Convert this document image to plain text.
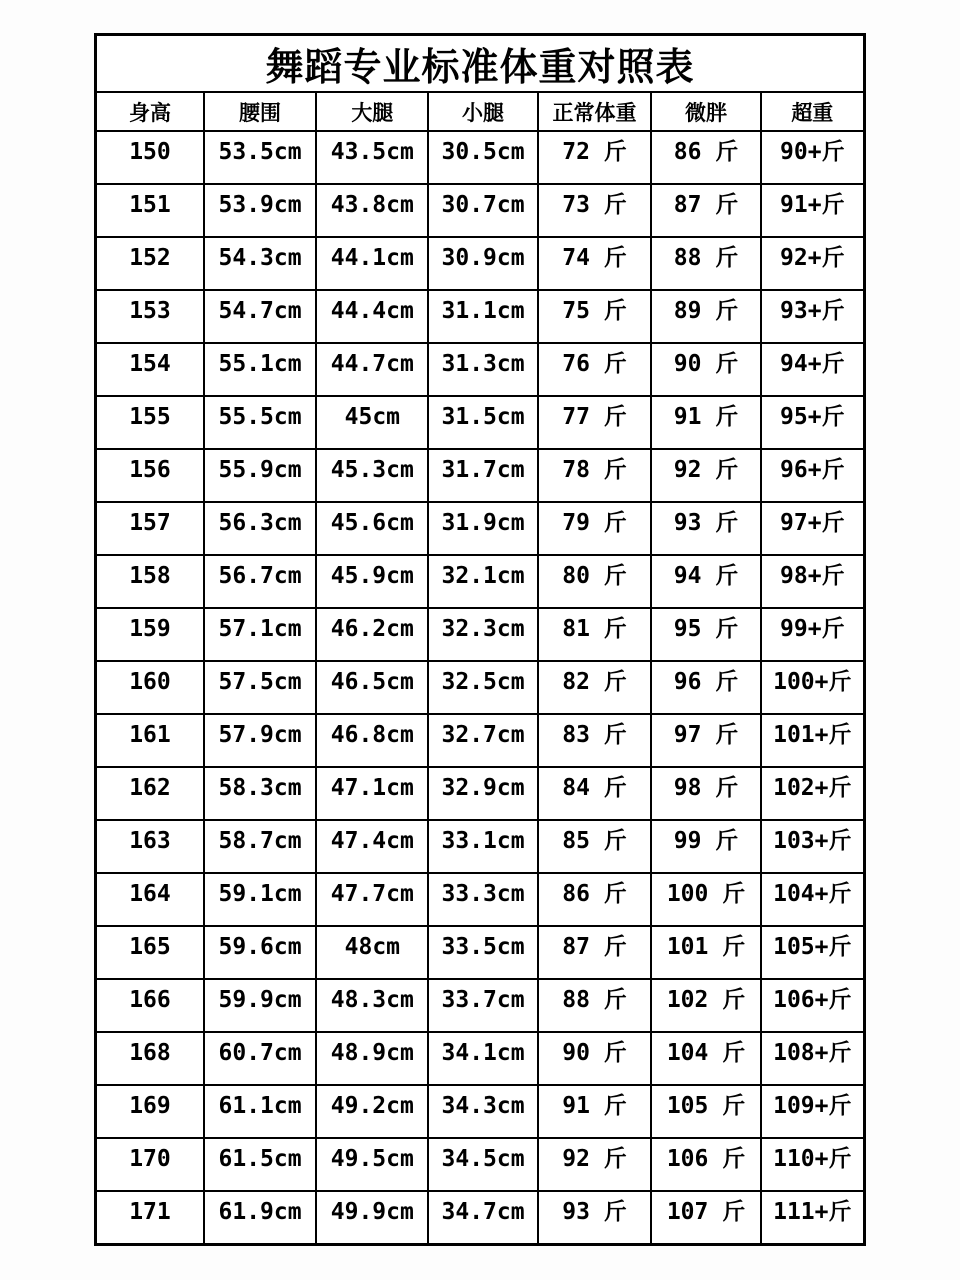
舞蹈专业标准体重对照表						
身高	腰围	大腿	小腿	正常体重	微胖	超重
150	53.5cm	43.5cm	30.5cm	72 斤	86 斤	90+斤
151	53.9cm	43.8cm	30.7cm	73 斤	87 斤	91+斤
152	54.3cm	44.1cm	30.9cm	74 斤	88 斤	92+斤
153	54.7cm	44.4cm	31.1cm	75 斤	89 斤	93+斤
154	55.1cm	44.7cm	31.3cm	76 斤	90 斤	94+斤
155	55.5cm	45cm	31.5cm	77 斤	91 斤	95+斤
156	55.9cm	45.3cm	31.7cm	78 斤	92 斤	96+斤
157	56.3cm	45.6cm	31.9cm	79 斤	93 斤	97+斤
158	56.7cm	45.9cm	32.1cm	80 斤	94 斤	98+斤
159	57.1cm	46.2cm	32.3cm	81 斤	95 斤	99+斤
160	57.5cm	46.5cm	32.5cm	82 斤	96 斤	100+斤
161	57.9cm	46.8cm	32.7cm	83 斤	97 斤	101+斤
162	58.3cm	47.1cm	32.9cm	84 斤	98 斤	102+斤
163	58.7cm	47.4cm	33.1cm	85 斤	99 斤	103+斤
164	59.1cm	47.7cm	33.3cm	86 斤	100 斤	104+斤
165	59.6cm	48cm	33.5cm	87 斤	101 斤	105+斤
166	59.9cm	48.3cm	33.7cm	88 斤	102 斤	106+斤
168	60.7cm	48.9cm	34.1cm	90 斤	104 斤	108+斤
169	61.1cm	49.2cm	34.3cm	91 斤	105 斤	109+斤
170	61.5cm	49.5cm	34.5cm	92 斤	106 斤	110+斤
171	61.9cm	49.9cm	34.7cm	93 斤	107 斤	111+斤
